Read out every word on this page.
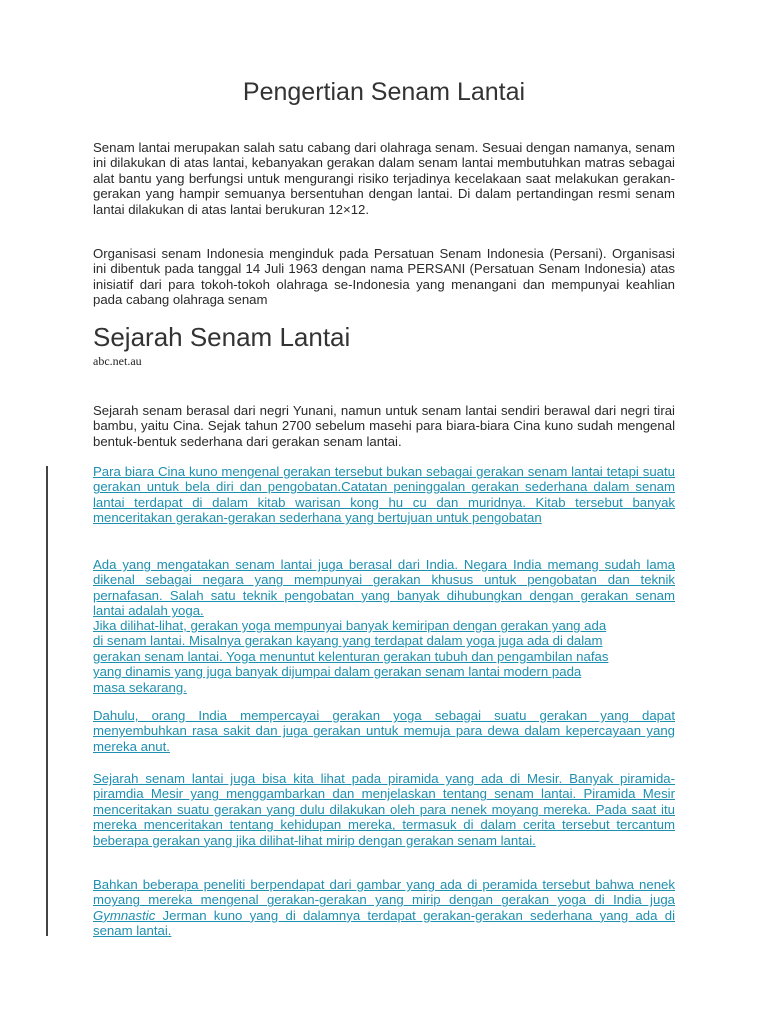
Pengertian Senam Lantai

Senam lantai merupakan salah satu cabang dari olahraga senam. Sesuai dengan namanya, senam ini dilakukan di atas lantai, kebanyakan gerakan dalam senam lantai membutuhkan matras sebagai alat bantu yang berfungsi untuk mengurangi risiko terjadinya kecelakaan saat melakukan gerakan-gerakan yang hampir semuanya bersentuhan dengan lantai. Di dalam pertandingan resmi senam lantai dilakukan di atas lantai berukuran 12×12.

Organisasi senam Indonesia menginduk pada Persatuan Senam Indonesia (Persani). Organisasi ini dibentuk pada tanggal 14 Juli 1963 dengan nama PERSANI (Persatuan Senam Indonesia) atas inisiatif dari para tokoh-tokoh olahraga se-Indonesia yang menangani dan mempunyai keahlian pada cabang olahraga senam

Sejarah Senam Lantai

abc.net.au

Sejarah senam berasal dari negri Yunani, namun untuk senam lantai sendiri berawal dari negri tirai bambu, yaitu Cina. Sejak tahun 2700 sebelum masehi para biara-biara Cina kuno sudah mengenal bentuk-bentuk sederhana dari gerakan senam lantai.

Para biara Cina kuno mengenal gerakan tersebut bukan sebagai gerakan senam lantai tetapi suatu gerakan untuk bela diri dan pengobatan.Catatan peninggalan gerakan sederhana dalam senam lantai terdapat di dalam kitab warisan kong hu cu dan muridnya. Kitab tersebut banyak menceritakan gerakan-gerakan sederhana yang bertujuan untuk pengobatan

Ada yang mengatakan senam lantai juga berasal dari India. Negara India memang sudah lama dikenal sebagai negara yang mempunyai gerakan khusus untuk pengobatan dan teknik pernafasan. Salah satu teknik pengobatan yang banyak dihubungkan dengan gerakan senam lantai adalah yoga.

Jika dilihat-lihat, gerakan yoga mempunyai banyak kemiripan dengan gerakan yang ada
di senam lantai. Misalnya gerakan kayang yang terdapat dalam yoga juga ada di dalam
gerakan senam lantai. Yoga menuntut kelenturan gerakan tubuh dan pengambilan nafas
yang dinamis yang juga banyak dijumpai dalam gerakan senam lantai modern pada
masa sekarang.

Dahulu, orang India mempercayai gerakan yoga sebagai suatu gerakan yang dapat menyembuhkan rasa sakit dan juga gerakan untuk memuja para dewa dalam kepercayaan yang mereka anut.

Sejarah senam lantai juga bisa kita lihat pada piramida yang ada di Mesir. Banyak piramida-piramdia Mesir yang menggambarkan dan menjelaskan tentang senam lantai. Piramida Mesir menceritakan suatu gerakan yang dulu dilakukan oleh para nenek moyang mereka. Pada saat itu mereka menceritakan tentang kehidupan mereka, termasuk di dalam cerita tersebut tercantum beberapa gerakan yang jika dilihat-lihat mirip dengan gerakan senam lantai.

Bahkan beberapa peneliti berpendapat dari gambar yang ada di peramida tersebut bahwa nenek moyang mereka mengenal gerakan-gerakan yang mirip dengan gerakan yoga di India juga Gymnastic Jerman kuno yang di dalamnya terdapat gerakan-gerakan sederhana yang ada di senam lantai.
